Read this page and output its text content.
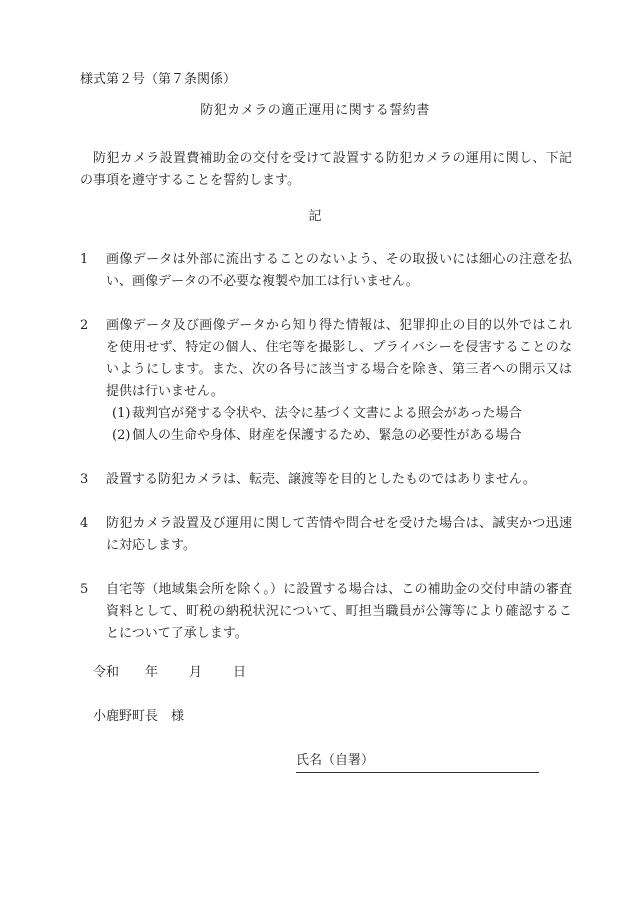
様式第２号（第７条関係）
防犯カメラの適正運用に関する誓約書
防犯カメラ設置費補助金の交付を受けて設置する防犯カメラの運用に関し、下記の事項を遵守することを誓約します。
記
1	画像データは外部に流出することのないよう、その取扱いには細心の注意を払い、画像データの不必要な複製や加工は行いません。
2	画像データ及び画像データから知り得た情報は、犯罪抑止の目的以外ではこれを使用せず、特定の個人、住宅等を撮影し、プライバシーを侵害することのないようにします。また、次の各号に該当する場合を除き、第三者への開示又は提供は行いません。
(1) 裁判官が発する令状や、法令に基づく文書による照会があった場合
(2) 個人の生命や身体、財産を保護するため、緊急の必要性がある場合
3	設置する防犯カメラは、転売、譲渡等を目的としたものではありません。
4	防犯カメラ設置及び運用に関して苦情や問合せを受けた場合は、誠実かつ迅速に対応します。
5	自宅等（地域集会所を除く。）に設置する場合は、この補助金の交付申請の審査資料として、町税の納税状況について、町担当職員が公簿等により確認することについて了承します。
令和 年 月 日
小鹿野町長　様
氏名（自署）
